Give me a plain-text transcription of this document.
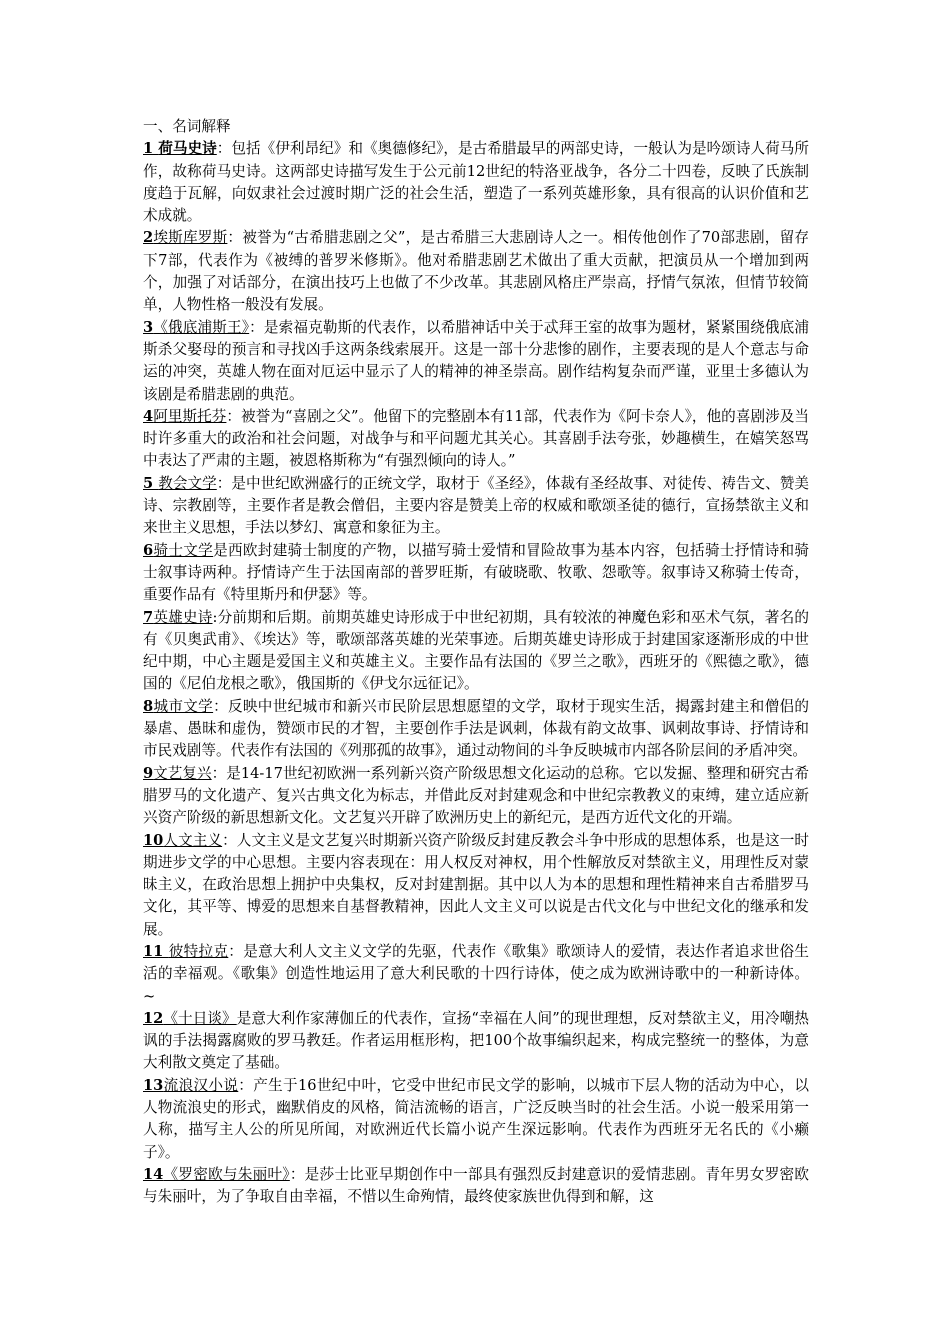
一、名词解释

1 荷马史诗：包括《伊利昂纪》和《奥德修纪》，是古希腊最早的两部史诗，一般认为是吟颂诗人荷马所作，故称荷马史诗。这两部史诗描写发生于公元前12世纪的特洛亚战争，各分二十四卷，反映了氏族制度趋于瓦解，向奴隶社会过渡时期广泛的社会生活，塑造了一系列英雄形象，具有很高的认识价值和艺术成就。

2埃斯库罗斯：被誉为“古希腊悲剧之父”，是古希腊三大悲剧诗人之一。相传他创作了70部悲剧，留存下7部，代表作为《被缚的普罗米修斯》。他对希腊悲剧艺术做出了重大贡献，把演员从一个增加到两个，加强了对话部分，在演出技巧上也做了不少改革。其悲剧风格庄严崇高，抒情气氛浓，但情节较简单，人物性格一般没有发展。

3《俄底浦斯王》：是索福克勒斯的代表作，以希腊神话中关于忒拜王室的故事为题材，紧紧围绕俄底浦斯杀父娶母的预言和寻找凶手这两条线索展开。这是一部十分悲惨的剧作，主要表现的是人个意志与命运的冲突，英雄人物在面对厄运中显示了人的精神的神圣崇高。剧作结构复杂而严谨，亚里士多德认为该剧是希腊悲剧的典范。

4阿里斯托芬：被誉为“喜剧之父”。他留下的完整剧本有11部，代表作为《阿卡奈人》，他的喜剧涉及当时许多重大的政治和社会问题，对战争与和平问题尤其关心。其喜剧手法夸张，妙趣横生，在嬉笑怒骂中表达了严肃的主题，被恩格斯称为“有强烈倾向的诗人。”

5 教会文学：是中世纪欧洲盛行的正统文学，取材于《圣经》，体裁有圣经故事、对徒传、祷告文、赞美诗、宗教剧等，主要作者是教会僧侣，主要内容是赞美上帝的权威和歌颂圣徒的德行，宣扬禁欲主义和来世主义思想，手法以梦幻、寓意和象征为主。

6骑士文学是西欧封建骑士制度的产物，以描写骑士爱情和冒险故事为基本内容，包括骑士抒情诗和骑士叙事诗两种。抒情诗产生于法国南部的普罗旺斯，有破晓歌、牧歌、怨歌等。叙事诗又称骑士传奇，重要作品有《特里斯丹和伊瑟》等。

7英雄史诗:分前期和后期。前期英雄史诗形成于中世纪初期，具有较浓的神魔色彩和巫术气氛，著名的有《贝奥武甫》、《埃达》等，歌颂部落英雄的光荣事迹。后期英雄史诗形成于封建国家逐渐形成的中世纪中期，中心主题是爱国主义和英雄主义。主要作品有法国的《罗兰之歌》，西班牙的《熙德之歌》，德国的《尼伯龙根之歌》，俄国斯的《伊戈尔远征记》。

8城市文学：反映中世纪城市和新兴市民阶层思想愿望的文学，取材于现实生活，揭露封建主和僧侣的暴虐、愚昧和虚伪，赞颂市民的才智，主要创作手法是讽刺，体裁有韵文故事、讽刺故事诗、抒情诗和市民戏剧等。代表作有法国的《列那孤的故事》，通过动物间的斗争反映城市内部各阶层间的矛盾冲突。

9文艺复兴：是14-17世纪初欧洲一系列新兴资产阶级思想文化运动的总称。它以发掘、整理和研究古希腊罗马的文化遗产、复兴古典文化为标志，并借此反对封建观念和中世纪宗教教义的束缚，建立适应新兴资产阶级的新思想新文化。文艺复兴开辟了欧洲历史上的新纪元，是西方近代文化的开端。

10人文主义：人文主义是文艺复兴时期新兴资产阶级反封建反教会斗争中形成的思想体系，也是这一时期进步文学的中心思想。主要内容表现在：用人权反对神权，用个性解放反对禁欲主义，用理性反对蒙昧主义，在政治思想上拥护中央集权，反对封建割据。其中以人为本的思想和理性精神来自古希腊罗马文化，其平等、博爱的思想来自基督教精神，因此人文主义可以说是古代文化与中世纪文化的继承和发展。

11 彼特拉克：是意大利人文主义文学的先驱，代表作《歌集》歌颂诗人的爱情，表达作者追求世俗生活的幸福观。《歌集》创造性地运用了意大利民歌的十四行诗体，使之成为欧洲诗歌中的一种新诗体。 ~

12《十日谈》是意大利作家薄伽丘的代表作，宣扬“幸福在人间”的现世理想，反对禁欲主义，用冷嘲热讽的手法揭露腐败的罗马教廷。作者运用框形构，把100个故事编织起来，构成完整统一的整体，为意大利散文奠定了基础。

13流浪汉小说：产生于16世纪中叶，它受中世纪市民文学的影响，以城市下层人物的活动为中心，以人物流浪史的形式，幽默俏皮的风格，简洁流畅的语言，广泛反映当时的社会生活。小说一般采用第一人称，描写主人公的所见所闻，对欧洲近代长篇小说产生深远影响。代表作为西班牙无名氏的《小癞子》。

14《罗密欧与朱丽叶》：是莎士比亚早期创作中一部具有强烈反封建意识的爱情悲剧。青年男女罗密欧与朱丽叶，为了争取自由幸福，不惜以生命殉情，最终使家族世仇得到和解，这
